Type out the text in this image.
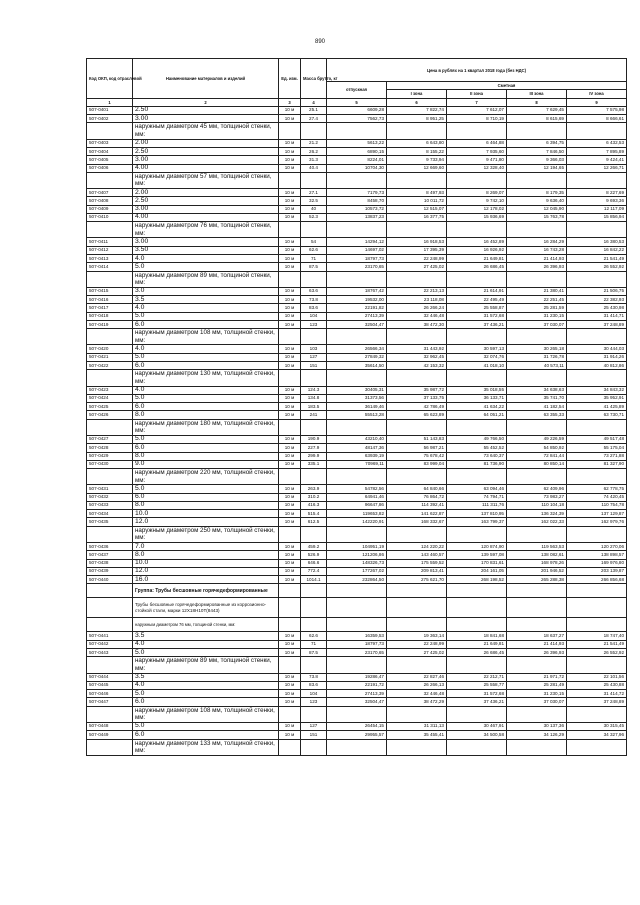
890
Код ОКП, код отраслевой	Наименование материалов и изделий	Ед. изм.	Масса брутто, кг	Цена в рублях на 1 квартал 2018 года (без НДС)				
				отпускная	Сметная			
					I зона	II зона	III зона	IV зона
1	2	3	4	5	6	7	8	9
507-0401	2.50	10 м	25.1	6609,28	7 822,74	7 612,07	7 629,45	7 575,98
507-0402	3.00	10 м	27.4	7562,73	8 951,25	8 710,19	8 615,69	8 666,61
	наружным диаметром 45 мм, толщиной стенки, мм:							
507-0403	2.00	10 м	21.2	5613,22	6 643,80	6 464,88	6 394,75	6 432,53
507-0404	2.50	10 м	26.2	6890,15	8 155,22	7 935,60	7 846,50	7 895,89
507-0405	3.00	10 м	31.3	8224,01	9 733,94	9 471,80	9 366,03	9 424,41
507-0406	4.00	10 м	40.4	10704,30	12 669,60	12 328,40	12 194,65	12 266,71
	наружным диаметром 57 мм, толщиной стенки, мм:							
507-0407	2.00	10 м	27.1	7179,73	8 497,93	8 269,07	8 179,35	8 227,69
507-0408	2.50	10 м	32.5	8458,70	10 011,72	9 742,10	9 636,40	9 693,36
507-0409	3.00	10 м	40	10573,72	12 515,07	12 178,02	12 045,90	12 117,09
507-0410	4.00	10 м	52.3	13837,23	16 377,75	15 936,69	15 763,78	15 856,94
	наружным диаметром 76 мм, толщиной стенки, мм:							
507-0411	3.00	10 м	54	14294,12	16 918,53	16 452,89	16 284,29	16 380,53
507-0412	3.50	10 м	62.6	14697,02	17 395,39	16 926,92	16 743,28	16 842,22
507-0413	4.0	10 м	71	18797,73	22 248,99	21 649,81	21 414,93	21 541,49
507-0414	5.0	10 м	87.5	23170,65	27 425,02	26 686,45	26 396,93	26 552,92
	наружным диаметром 89 мм, толщиной стенки, мм:							
507-0415	3.0	10 м	63.6	18767,42	22 213,13	21 614,91	21 380,41	21 506,75
507-0416	3.5	10 м	73.8	19532,00	23 118,08	22 495,49	22 251,45	22 382,93
507-0417	4.0	10 м	83.6	22191,82	26 266,24	25 558,87	25 281,59	25 430,98
507-0418	5.0	10 м	104	27413,39	32 446,48	31 572,68	31 230,15	31 414,71
507-0419	6.0	10 м	123	32504,47	38 472,30	37 436,21	37 030,07	37 248,89
	наружным диаметром 108 мм, толщиной стенки, мм:							
507-0420	4.0	10 м	103	26566,34	31 443,92	30 597,13	30 265,18	30 444,03
507-0421	5.0	10 м	127	27849,32	32 962,45	32 074,76	31 726,78	31 914,26
507-0422	6.0	10 м	151	35614,50	42 153,32	41 018,10	40 573,11	40 812,86
	наружным диаметром 130 мм, толщиной стенки, мм:							
507-0423	4.0	10 м	124.3	30405,31	35 987,72	35 018,55	34 638,63	34 843,32
507-0424	5.0	10 м	134.8	31373,56	37 133,75	36 133,71	35 741,70	35 952,91
507-0425	6.0	10 м	183.5	36149,46	42 786,49	41 634,22	41 182,54	41 425,89
507-0426	8.0	10 м	241	55513,28	65 623,89	64 051,21	63 355,33	63 730,71
	наружным диаметром 180 мм, толщиной стенки, мм:							
507-0427	5.0	10 м	190.9	43210,40	51 143,83	49 766,50	49 226,59	49 517,48
507-0428	6.0	10 м	227.9	48147,36	56 987,21	55 452,52	54 850,92	55 175,04
507-0429	8.0	10 м	299.9	63939,19	75 678,42	73 640,37	72 841,44	73 271,88
507-0430	9.0	10 м	335.1	70969,11	83 999,04	81 736,90	80 850,14	81 327,90
	наружным диаметром 220 мм, толщиной стенки, мм:							
507-0431	5.0	10 м	263.9	54782,56	64 840,66	63 094,46	62 409,96	62 778,75
507-0432	6.0	10 м	310.2	64941,46	76 864,72	74 794,71	73 983,27	74 420,45
507-0433	8.0	10 м	416.3	96647,86	114 392,41	111 311,76	110 104,18	110 754,78
507-0434	10.0	10 м	515.4	119653,82	141 622,87	137 810,95	136 324,39	137 129,87
507-0435	12.0	10 м	612.5	142220,91	168 332,67	163 799,37	162 022,33	162 979,76
	наружным диаметром 250 мм, толщиной стенки, мм:							
507-0436	7.0	10 м	459.2	104951,19	124 220,22	120 874,90	119 563,53	120 270,06
507-0437	8.0	10 м	526.9	121206,86	143 460,57	139 597,08	138 082,61	138 898,57
507-0438	10.0	10 м	646.6	148326,73	175 559,52	170 831,61	168 978,26	169 976,80
507-0439	12.0	10 м	772.4	177267,02	209 813,41	204 161,05	201 946,52	203 139,87
507-0440	16.0	10 м	1014.1	232864,50	275 621,70	268 198,52	265 288,38	266 856,68
	Группа: Трубы бесшовные горячедеформированные							
	Трубы бесшовные горячедеформированные из коррозионно-стойкой стали, марки 12Х18Н10Т(8443)							
	наружным диаметром 76 мм, толщиной стенки, мм:							
507-0441	3.5	10 м	62.6	16359,53	19 363,14	18 841,68	18 637,27	18 747,40
507-0442	4.0	10 м	71	18797,73	22 248,99	21 649,81	21 414,93	21 541,49
507-0443	5.0	10 м	87.5	23170,65	27 425,02	26 686,45	26 396,93	26 552,92
	наружным диаметром 89 мм, толщиной стенки, мм:							
507-0444	3.5	10 м	73.8	19286,47	22 827,46	22 212,71	21 971,72	22 101,56
507-0445	4.0	10 м	83.6	22191,72	26 266,13	25 558,77	25 281,49	25 430,88
507-0446	5.0	10 м	104	27413,39	32 446,48	31 572,68	31 230,15	31 414,72
507-0447	6.0	10 м	123	32504,47	38 472,29	37 436,21	37 030,07	37 248,89
	наружным диаметром 108 мм, толщиной стенки, мм:							
507-0448	5.0	10 м	127	26454,15	31 311,13	30 467,91	30 137,36	30 315,45
507-0449	6.0	10 м	151	29955,57	35 455,41	34 500,58	34 126,29	34 327,96
	наружным диаметром 133 мм, толщиной стенки, мм:							
